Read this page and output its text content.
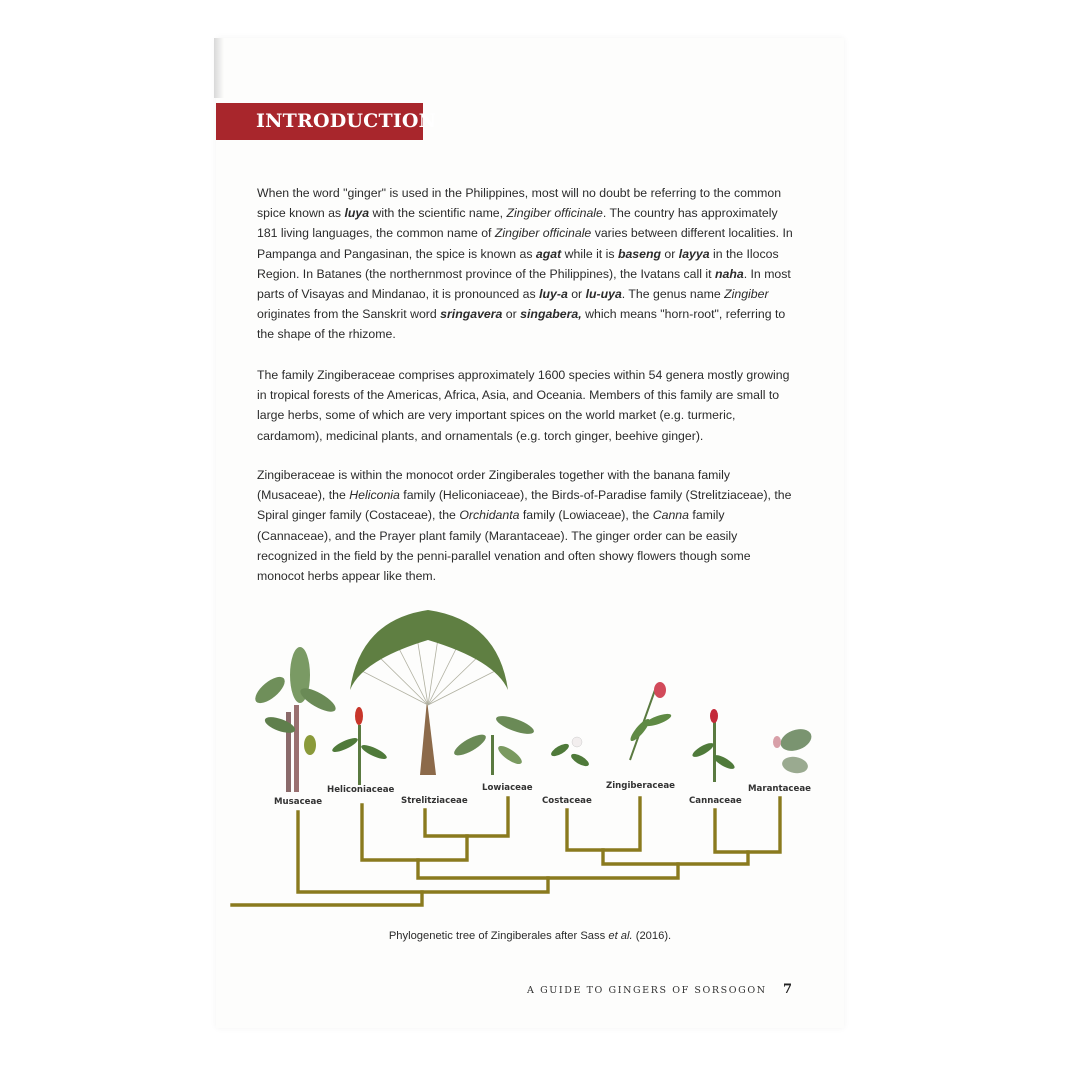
INTRODUCTION
When the word "ginger" is used in the Philippines, most will no doubt be referring to the common spice known as luya with the scientific name, Zingiber officinale. The country has approximately 181 living languages, the common name of Zingiber officinale varies between different localities. In Pampanga and Pangasinan, the spice is known as agat while it is baseng or layya in the Ilocos Region. In Batanes (the northernmost province of the Philippines), the Ivatans call it naha. In most parts of Visayas and Mindanao, it is pronounced as luy-a or lu-uya. The genus name Zingiber originates from the Sanskrit word sringavera or singabera, which means "horn-root", referring to the shape of the rhizome.
The family Zingiberaceae comprises approximately 1600 species within 54 genera mostly growing in tropical forests of the Americas, Africa, Asia, and Oceania. Members of this family are small to large herbs, some of which are very important spices on the world market (e.g. turmeric, cardamom), medicinal plants, and ornamentals (e.g. torch ginger, beehive ginger).
Zingiberaceae is within the monocot order Zingiberales together with the banana family (Musaceae), the Heliconia family (Heliconiaceae), the Birds-of-Paradise family (Strelitziaceae), the Spiral ginger family (Costaceae), the Orchidanta family (Lowiaceae), the Canna family (Cannaceae), and the Prayer plant family (Marantaceae). The ginger order can be easily recognized in the field by the penni-parallel venation and often showy flowers though some monocot herbs appear like them.
Musaceae
Heliconiaceae
Strelitziaceae
Lowiaceae
Costaceae
Zingiberaceae
Cannaceae
Marantaceae
Phylogenetic tree of Zingiberales after Sass et al. (2016).
A GUIDE TO GINGERS OF SORSOGON 7
